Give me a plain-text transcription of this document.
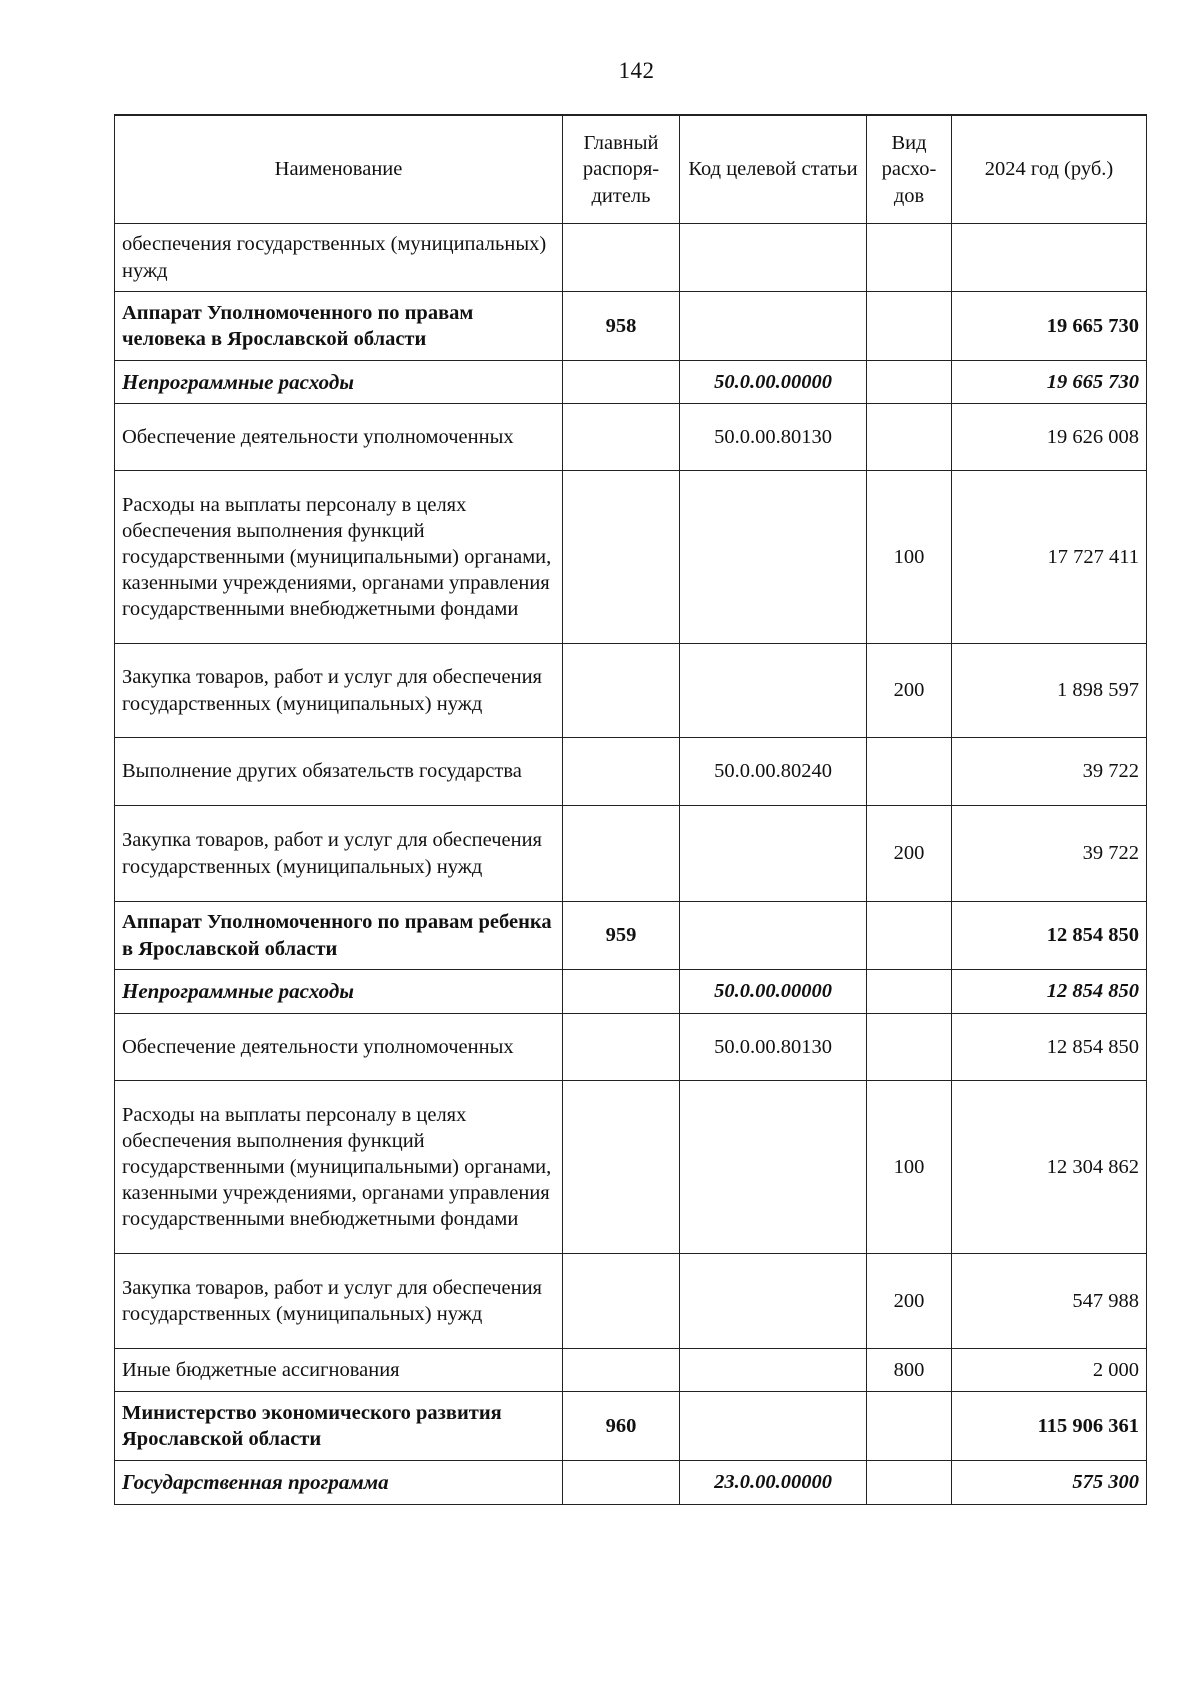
142
Наименование	Главный распоря-дитель	Код целевой статьи	Вид расхо-дов	2024 год (руб.)
обеспечения государственных (муниципальных) нужд				
Аппарат Уполномоченного по правам человека в Ярославской области	958			19 665 730
Непрограммные расходы		50.0.00.00000		19 665 730
Обеспечение деятельности уполномоченных		50.0.00.80130		19 626 008
Расходы на выплаты персоналу в целях обеспечения выполнения функций государственными (муниципальными) органами, казенными учреждениями, органами управления государственными внебюджетными фондами			100	17 727 411
Закупка товаров, работ и услуг для обеспечения государственных (муниципальных) нужд			200	1 898 597
Выполнение других обязательств государства		50.0.00.80240		39 722
Закупка товаров, работ и услуг для обеспечения государственных (муниципальных) нужд			200	39 722
Аппарат Уполномоченного по правам ребенка в Ярославской области	959			12 854 850
Непрограммные расходы		50.0.00.00000		12 854 850
Обеспечение деятельности уполномоченных		50.0.00.80130		12 854 850
Расходы на выплаты персоналу в целях обеспечения выполнения функций государственными (муниципальными) органами, казенными учреждениями, органами управления государственными внебюджетными фондами			100	12 304 862
Закупка товаров, работ и услуг для обеспечения государственных (муниципальных) нужд			200	547 988
Иные бюджетные ассигнования			800	2 000
Министерство экономического развития Ярославской области	960			115 906 361
Государственная программа		23.0.00.00000		575 300
